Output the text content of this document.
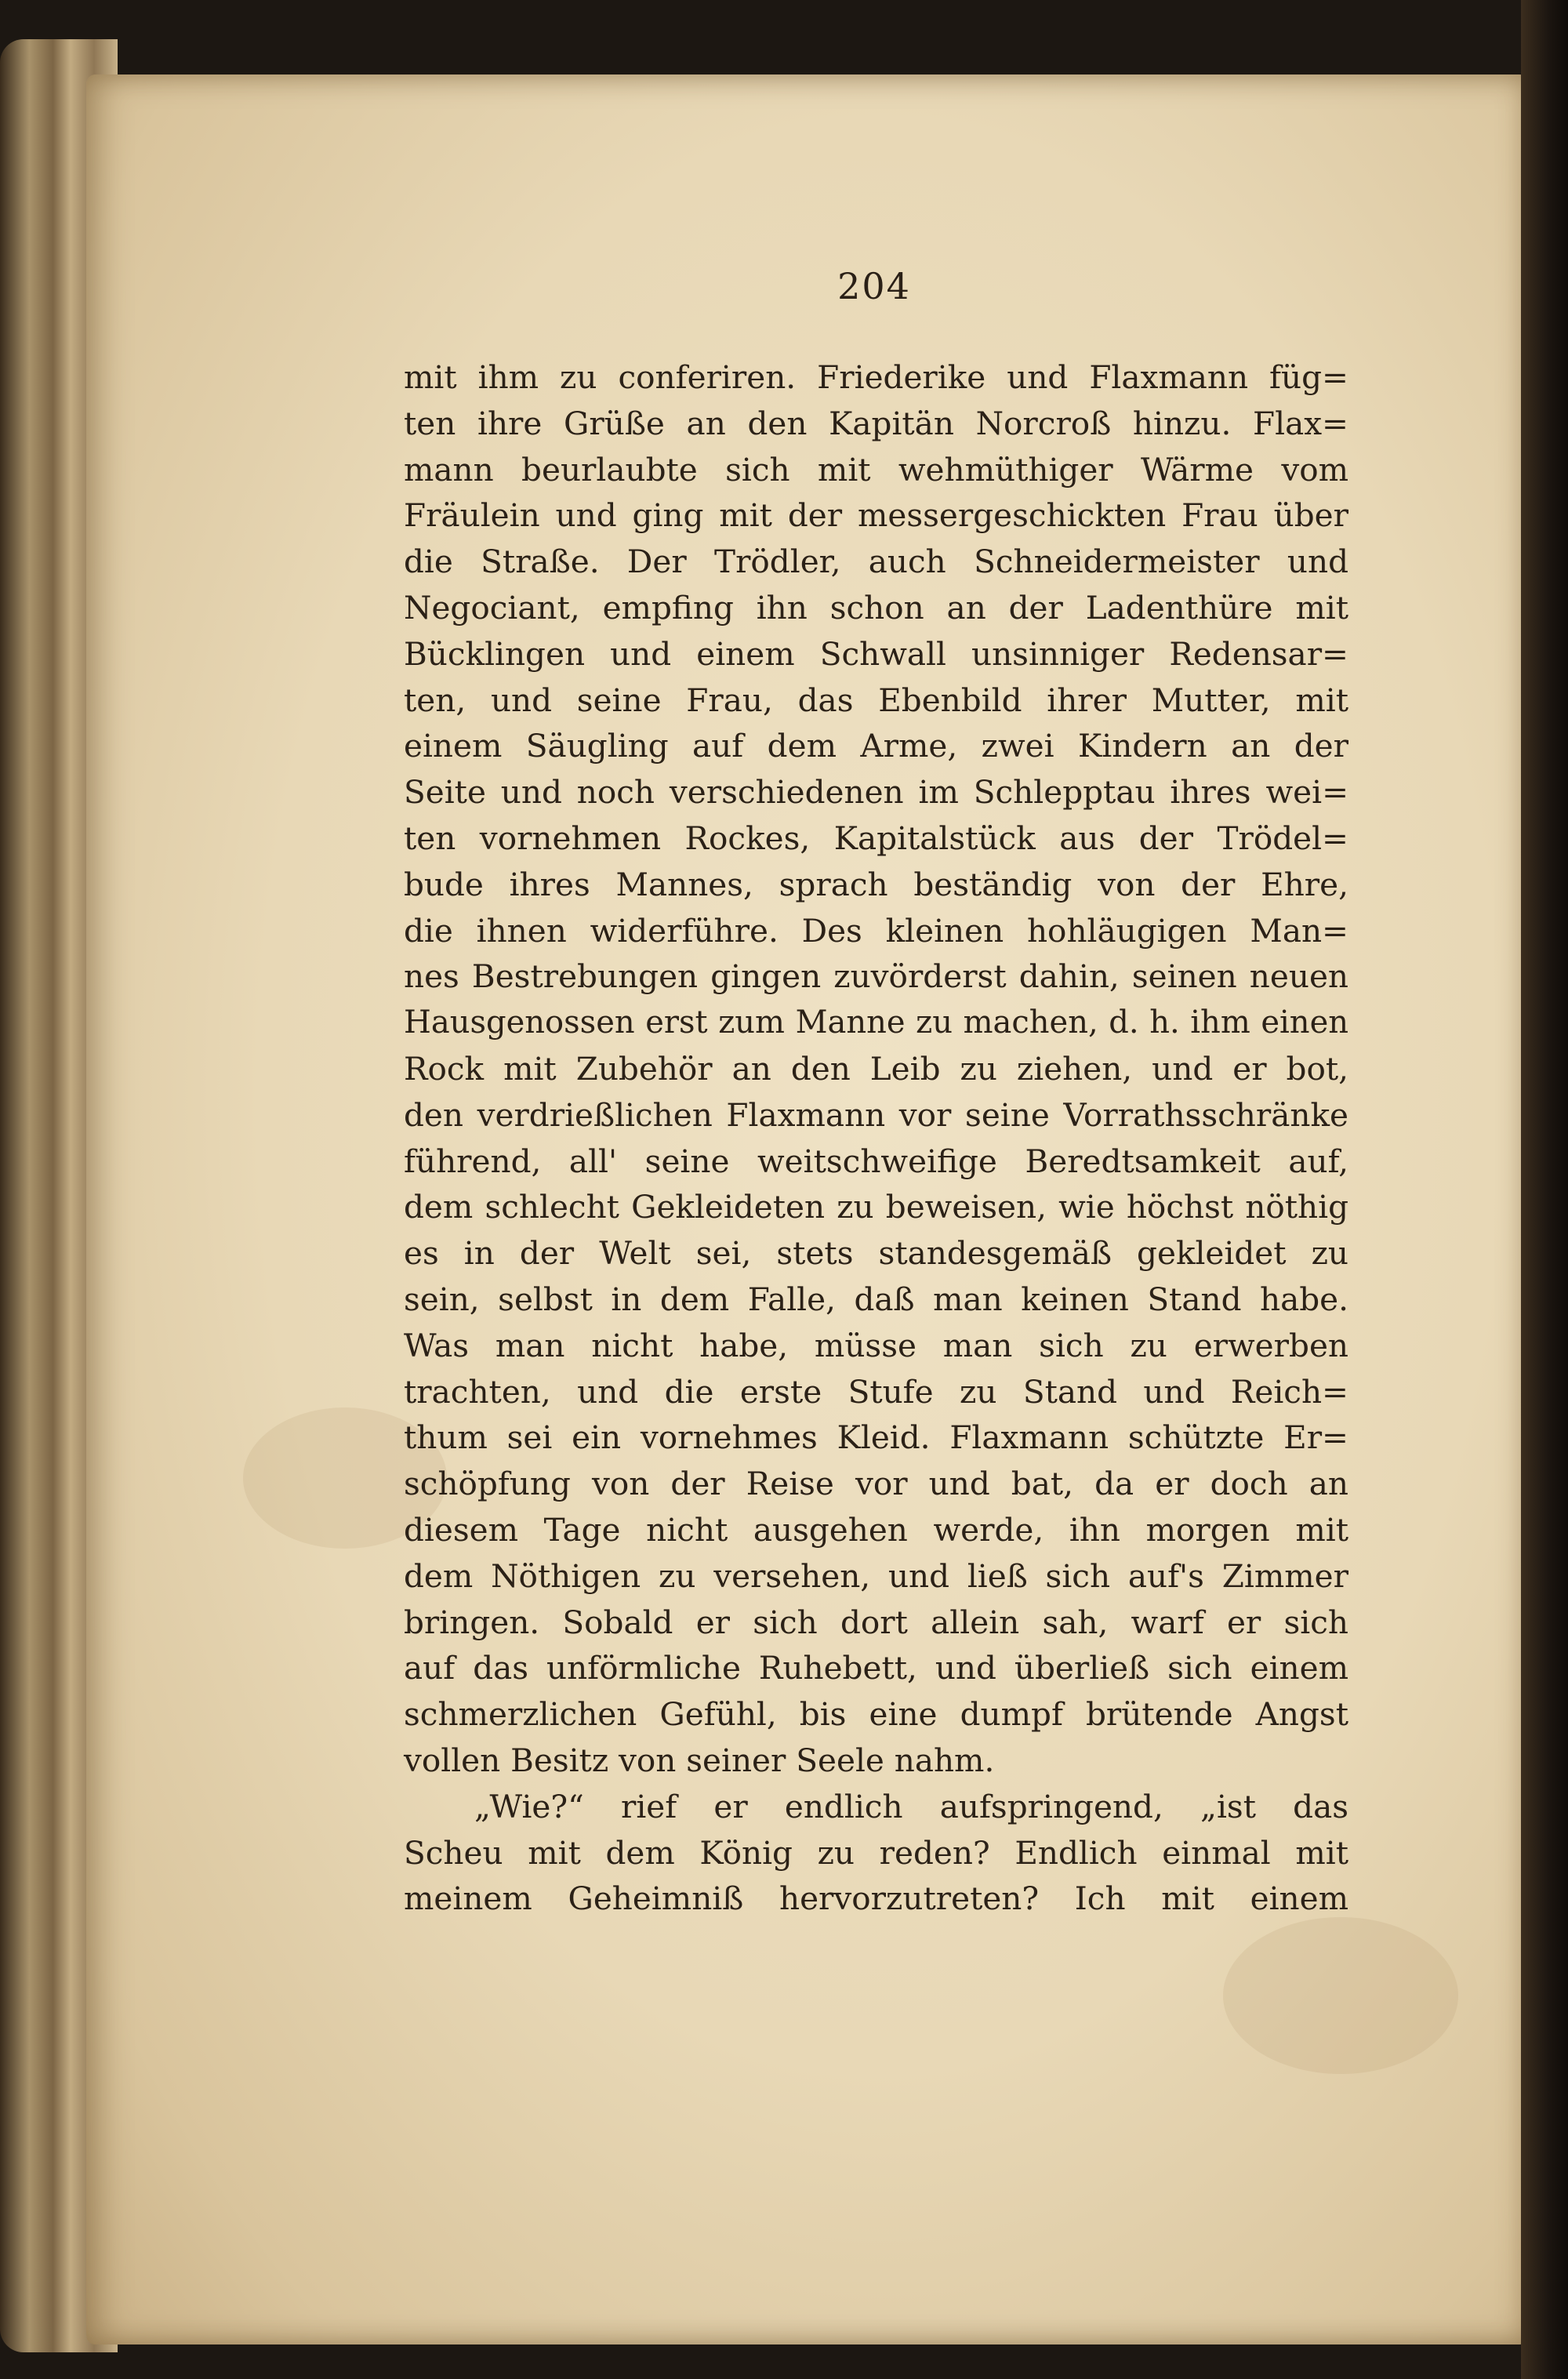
204
mit ihm zu conferiren. Friederike und Flaxmann füg=
ten ihre Grüße an den Kapitän Norcroß hinzu. Flax=
mann beurlaubte sich mit wehmüthiger Wärme vom
Fräulein und ging mit der messergeschickten Frau über
die Straße. Der Trödler, auch Schneidermeister und
Negociant, empfing ihn schon an der Ladenthüre mit
Bücklingen und einem Schwall unsinniger Redensar=
ten, und seine Frau, das Ebenbild ihrer Mutter, mit
einem Säugling auf dem Arme, zwei Kindern an der
Seite und noch verschiedenen im Schlepptau ihres wei=
ten vornehmen Rockes, Kapitalstück aus der Trödel=
bude ihres Mannes, sprach beständig von der Ehre,
die ihnen widerführe. Des kleinen hohläugigen Man=
nes Bestrebungen gingen zuvörderst dahin, seinen neuen
Hausgenossen erst zum Manne zu machen, d. h. ihm einen
Rock mit Zubehör an den Leib zu ziehen, und er bot,
den verdrießlichen Flaxmann vor seine Vorrathsschränke
führend, all' seine weitschweifige Beredtsamkeit auf,
dem schlecht Gekleideten zu beweisen, wie höchst nöthig
es in der Welt sei, stets standesgemäß gekleidet zu
sein, selbst in dem Falle, daß man keinen Stand habe.
Was man nicht habe, müsse man sich zu erwerben
trachten, und die erste Stufe zu Stand und Reich=
thum sei ein vornehmes Kleid. Flaxmann schützte Er=
schöpfung von der Reise vor und bat, da er doch an
diesem Tage nicht ausgehen werde, ihn morgen mit
dem Nöthigen zu versehen, und ließ sich auf's Zimmer
bringen. Sobald er sich dort allein sah, warf er sich
auf das unförmliche Ruhebett, und überließ sich einem
schmerzlichen Gefühl, bis eine dumpf brütende Angst
vollen Besitz von seiner Seele nahm.
„Wie?“ rief er endlich aufspringend, „ist das
Scheu mit dem König zu reden? Endlich einmal mit
meinem Geheimniß hervorzutreten? Ich mit einem
